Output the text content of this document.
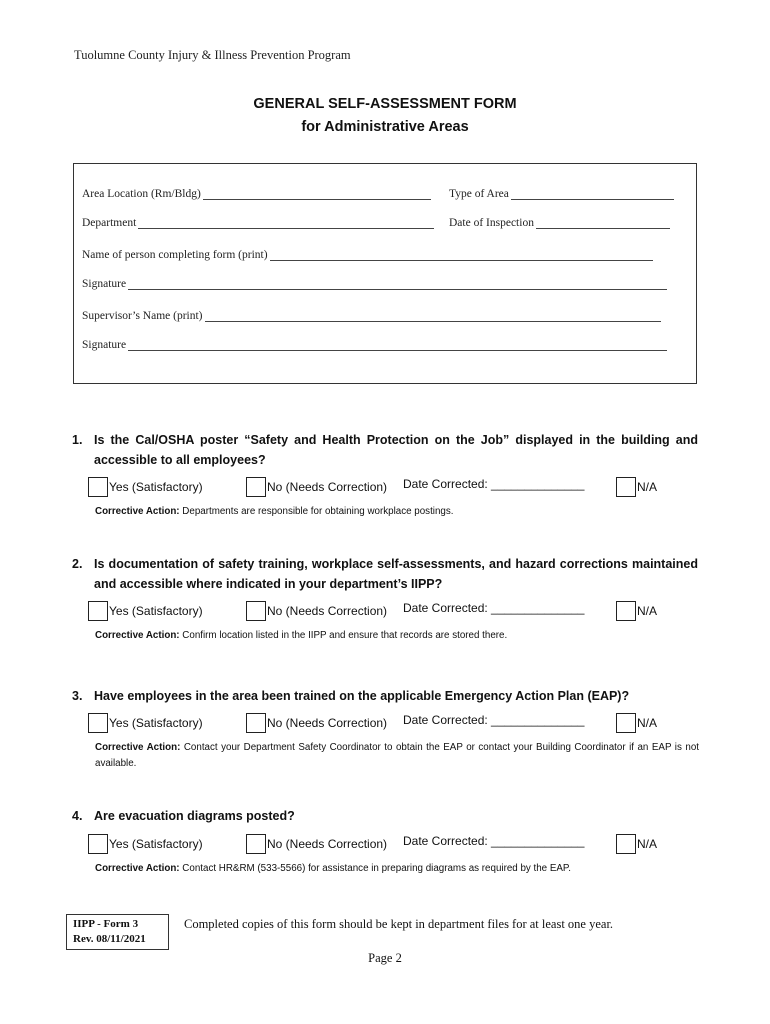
Tuolumne County Injury & Illness Prevention Program
GENERAL SELF-ASSESSMENT FORM
for Administrative Areas
Area Location (Rm/Bldg)	Type of Area
Department	Date of Inspection
Name of person completing form (print)
Signature
Supervisor’s Name (print)
Signature
1. Is the Cal/OSHA poster “Safety and Health Protection on the Job” displayed in the building and accessible to all employees?
Yes (Satisfactory)	No (Needs Correction) Date Corrected: ______________	N/A
Corrective Action: Departments are responsible for obtaining workplace postings.
2. Is documentation of safety training, workplace self-assessments, and hazard corrections maintained and accessible where indicated in your department’s IIPP?
Yes (Satisfactory)	No (Needs Correction) Date Corrected: ______________	N/A
Corrective Action: Confirm location listed in the IIPP and ensure that records are stored there.
3. Have employees in the area been trained on the applicable Emergency Action Plan (EAP)?
Yes (Satisfactory)	No (Needs Correction) Date Corrected: ______________	N/A
Corrective Action: Contact your Department Safety Coordinator to obtain the EAP or contact your Building Coordinator if an EAP is not available.
4. Are evacuation diagrams posted?
Yes (Satisfactory)	No (Needs Correction) Date Corrected: ______________	N/A
Corrective Action: Contact HR&RM (533-5566) for assistance in preparing diagrams as required by the EAP.
IIPP - Form 3
Rev. 08/11/2021
Completed copies of this form should be kept in department files for at least one year.
Page 2
